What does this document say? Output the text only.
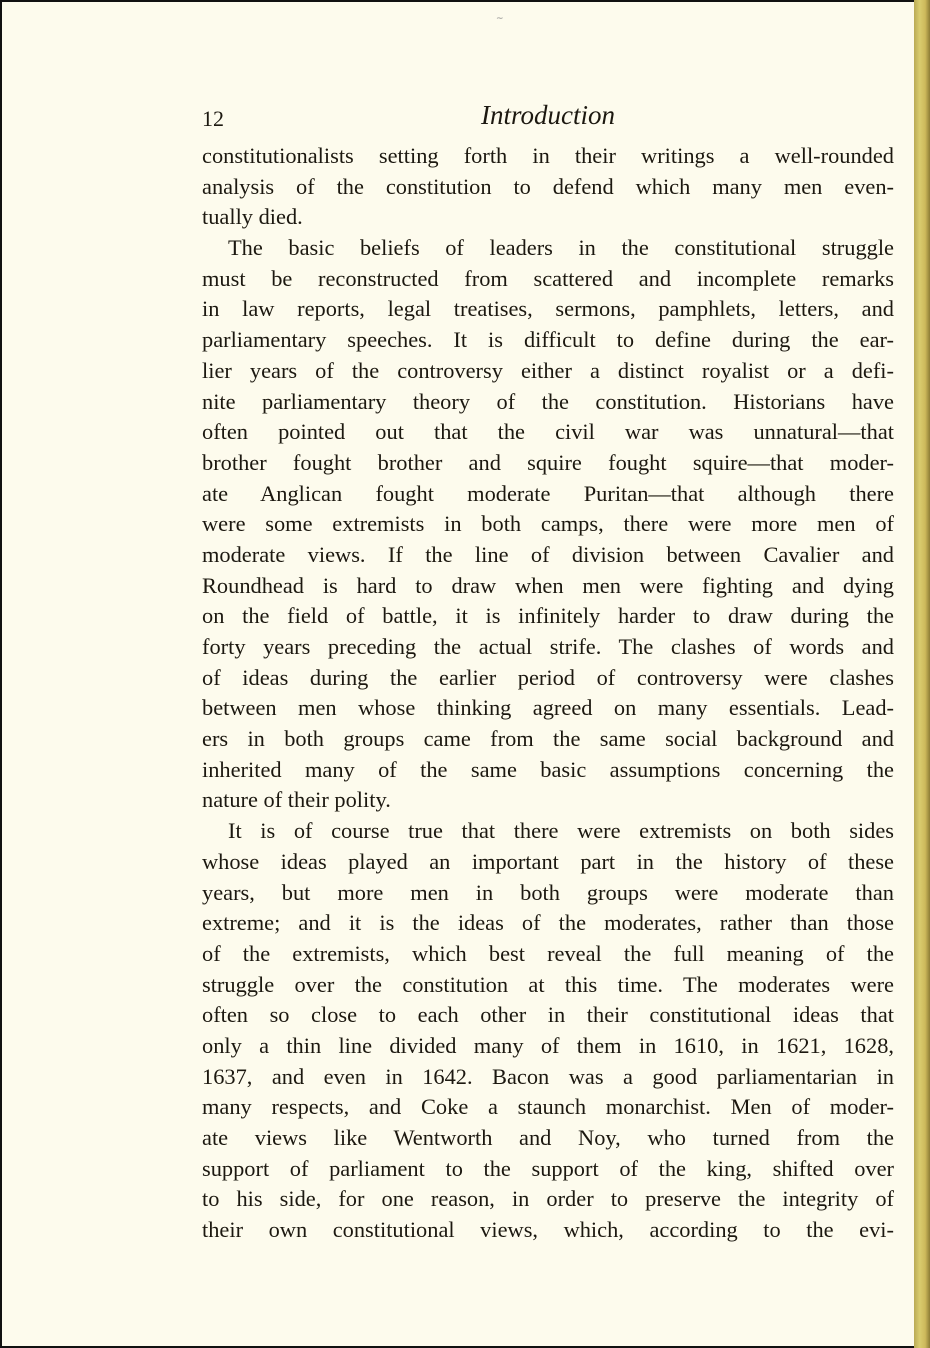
~
12	Introduction
constitutionalists setting forth in their writings a well-rounded
analysis of the constitution to defend which many men even-
tually died.
The basic beliefs of leaders in the constitutional struggle
must be reconstructed from scattered and incomplete remarks
in law reports, legal treatises, sermons, pamphlets, letters, and
parliamentary speeches. It is difficult to define during the ear-
lier years of the controversy either a distinct royalist or a defi-
nite parliamentary theory of the constitution. Historians have
often pointed out that the civil war was unnatural—that
brother fought brother and squire fought squire—that moder-
ate Anglican fought moderate Puritan—that although there
were some extremists in both camps, there were more men of
moderate views. If the line of division between Cavalier and
Roundhead is hard to draw when men were fighting and dying
on the field of battle, it is infinitely harder to draw during the
forty years preceding the actual strife. The clashes of words and
of ideas during the earlier period of controversy were clashes
between men whose thinking agreed on many essentials. Lead-
ers in both groups came from the same social background and
inherited many of the same basic assumptions concerning the
nature of their polity.
It is of course true that there were extremists on both sides
whose ideas played an important part in the history of these
years, but more men in both groups were moderate than
extreme; and it is the ideas of the moderates, rather than those
of the extremists, which best reveal the full meaning of the
struggle over the constitution at this time. The moderates were
often so close to each other in their constitutional ideas that
only a thin line divided many of them in 1610, in 1621, 1628,
1637, and even in 1642. Bacon was a good parliamentarian in
many respects, and Coke a staunch monarchist. Men of moder-
ate views like Wentworth and Noy, who turned from the
support of parliament to the support of the king, shifted over
to his side, for one reason, in order to preserve the integrity of
their own constitutional views, which, according to the evi-
